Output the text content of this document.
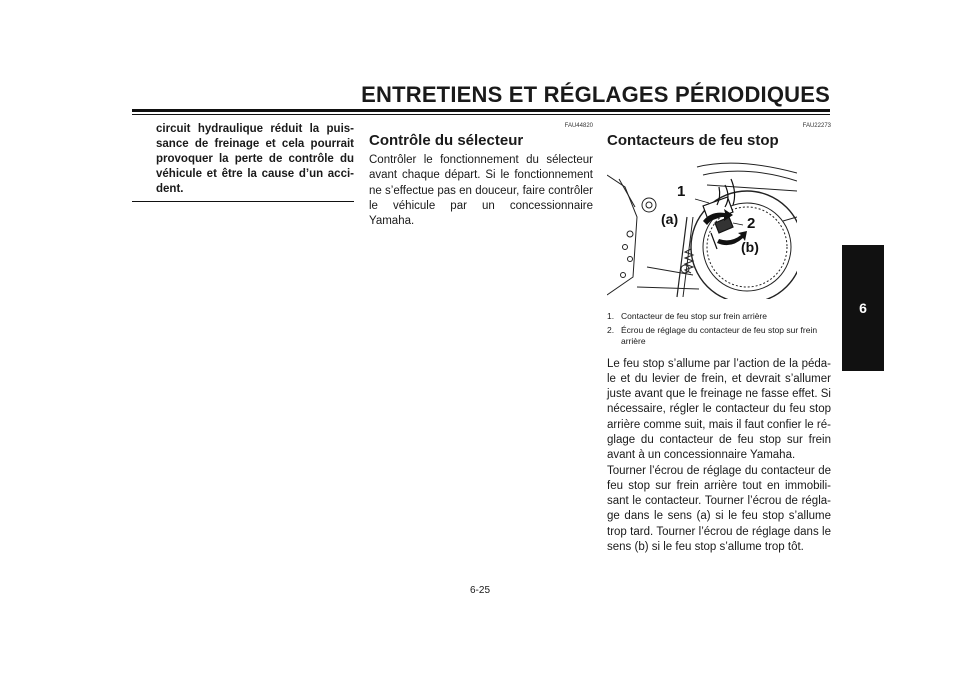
ENTRETIENS ET RÉGLAGES PÉRIODIQUES
6

circuit hydraulique réduit la puis-sance de freinage et cela pourrait provoquer la perte de contrôle du véhicule et être la cause d’un acci-dent.

FAU44820
Contrôle du sélecteur

Contrôler le fonctionnement du sélecteur avant chaque départ. Si le fonctionnement ne s’effectue pas en douceur, faire contrôler le véhicule par un concessionnaire Yamaha.

FAU22273
Contacteurs de feu stop
1
(a)	2
(b)
1. Contacteur de feu stop sur frein arrière
2. Écrou de réglage du contacteur de feu stop sur frein arrière

Le feu stop s’allume par l’action de la péda-le et du levier de frein, et devrait s’allumer juste avant que le freinage ne fasse effet. Si nécessaire, régler le contacteur du feu stop arrière comme suit, mais il faut confier le ré-glage du contacteur de feu stop sur frein avant à un concessionnaire Yamaha.

Tourner l’écrou de réglage du contacteur de feu stop sur frein arrière tout en immobili-sant le contacteur. Tourner l’écrou de régla-ge dans le sens (a) si le feu stop s’allume trop tard. Tourner l’écrou de réglage dans le sens (b) si le feu stop s’allume trop tôt.

6-25
